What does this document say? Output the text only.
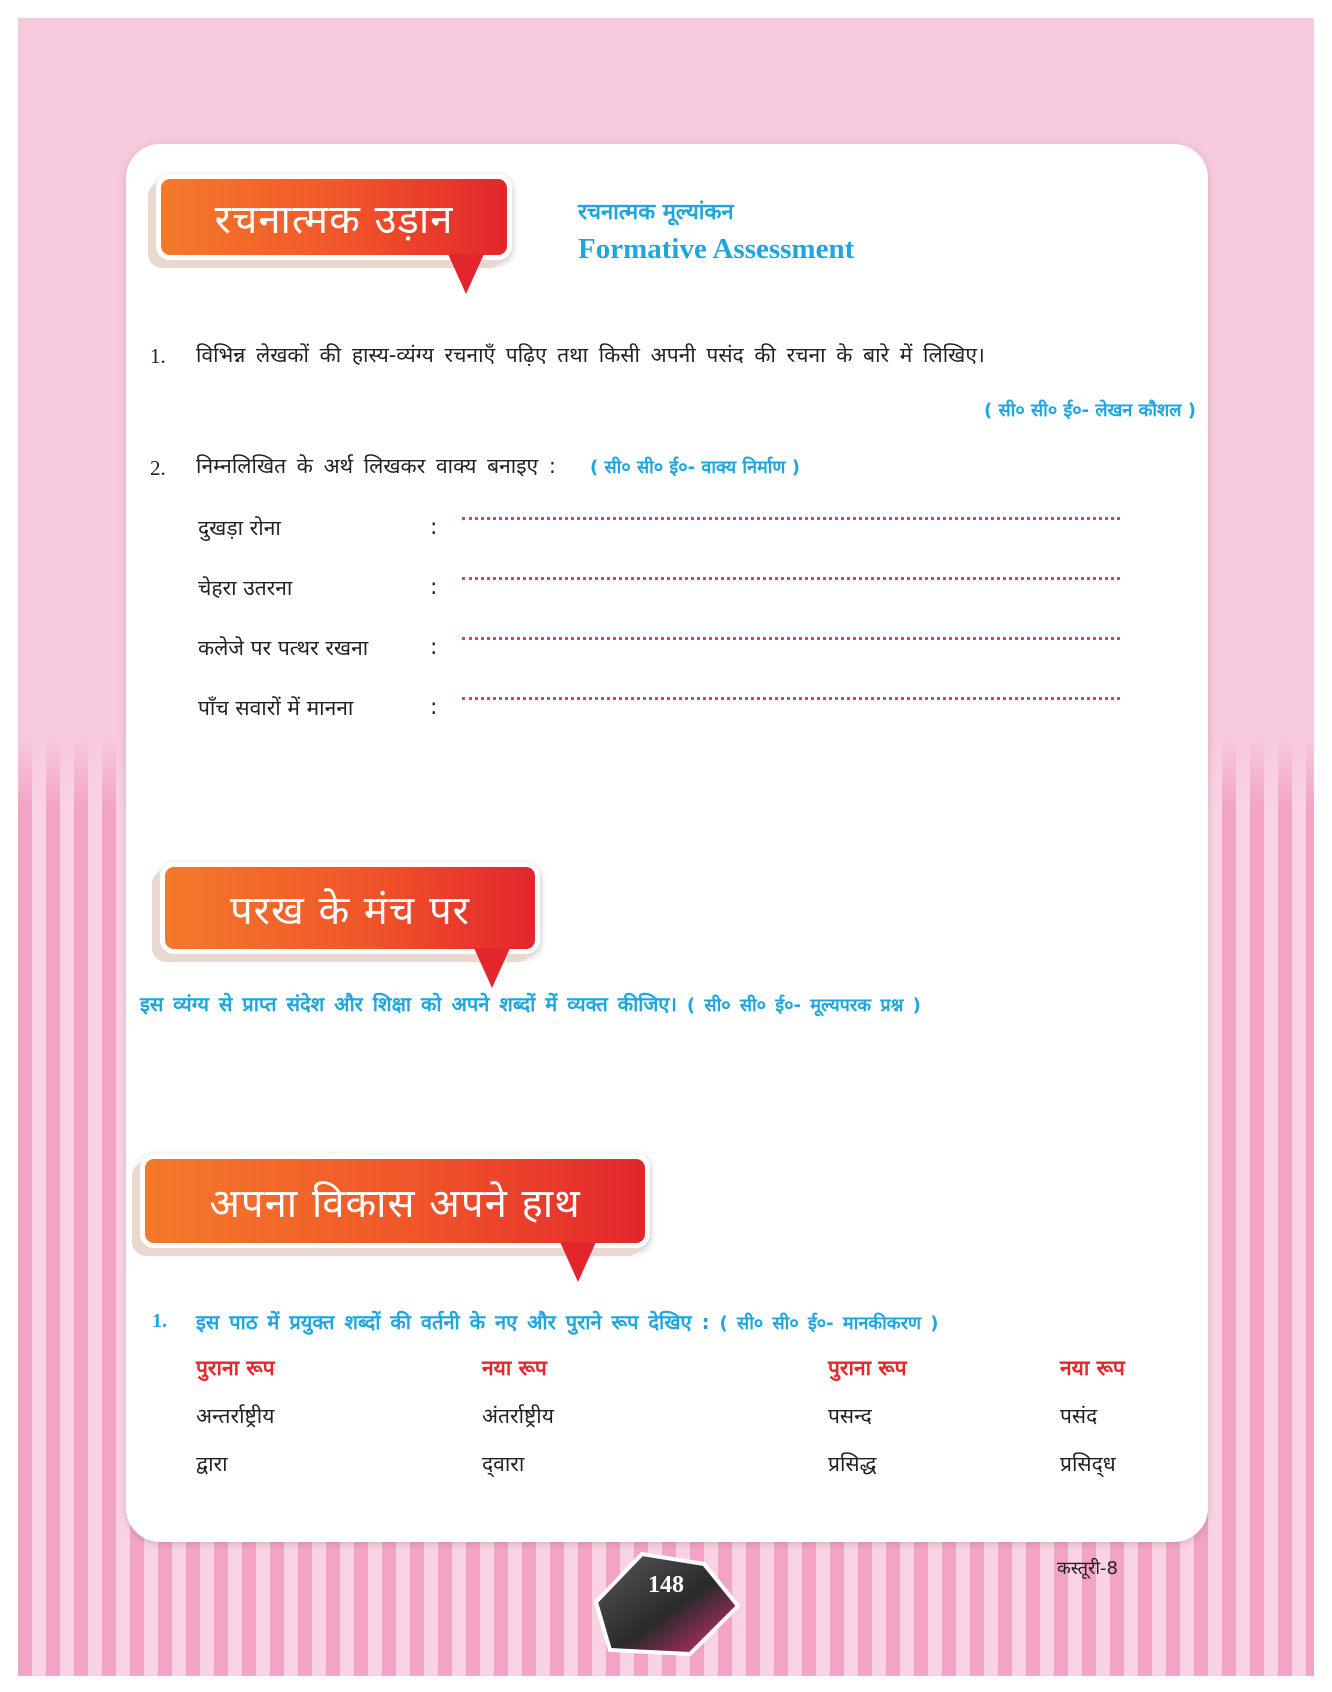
रचनात्मक उड़ान	रचनात्मक मूल्यांकन
Formative Assessment
1. विभिन्न लेखकों की हास्य-व्यंग्य रचनाएँ पढ़िए तथा किसी अपनी पसंद की रचना के बारे में लिखिए।
( सी० सी० ई०- लेखन कौशल )
2. निम्नलिखित के अर्थ लिखकर वाक्य बनाइए : ( सी० सी० ई०- वाक्य निर्माण )
दुखड़ा रोना	:
चेहरा उतरना	:
कलेजे पर पत्थर रखना	:
पाँच सवारों में मानना	:
परख के मंच पर
इस व्यंग्य से प्राप्त संदेश और शिक्षा को अपने शब्दों में व्यक्त कीजिए। ( सी० सी० ई०- मूल्यपरक प्रश्न )
अपना विकास अपने हाथ
1. इस पाठ में प्रयुक्त शब्दों की वर्तनी के नए और पुराने रूप देखिए : ( सी० सी० ई०- मानकीकरण )
पुराना रूप	नया रूप	पुराना रूप	नया रूप
अन्तर्राष्ट्रीय	अंतर्राष्ट्रीय	पसन्द	पसंद
द्वारा	द्‌वारा	प्रसिद्ध	प्रसिद्‌ध
148
कस्तूरी-8
